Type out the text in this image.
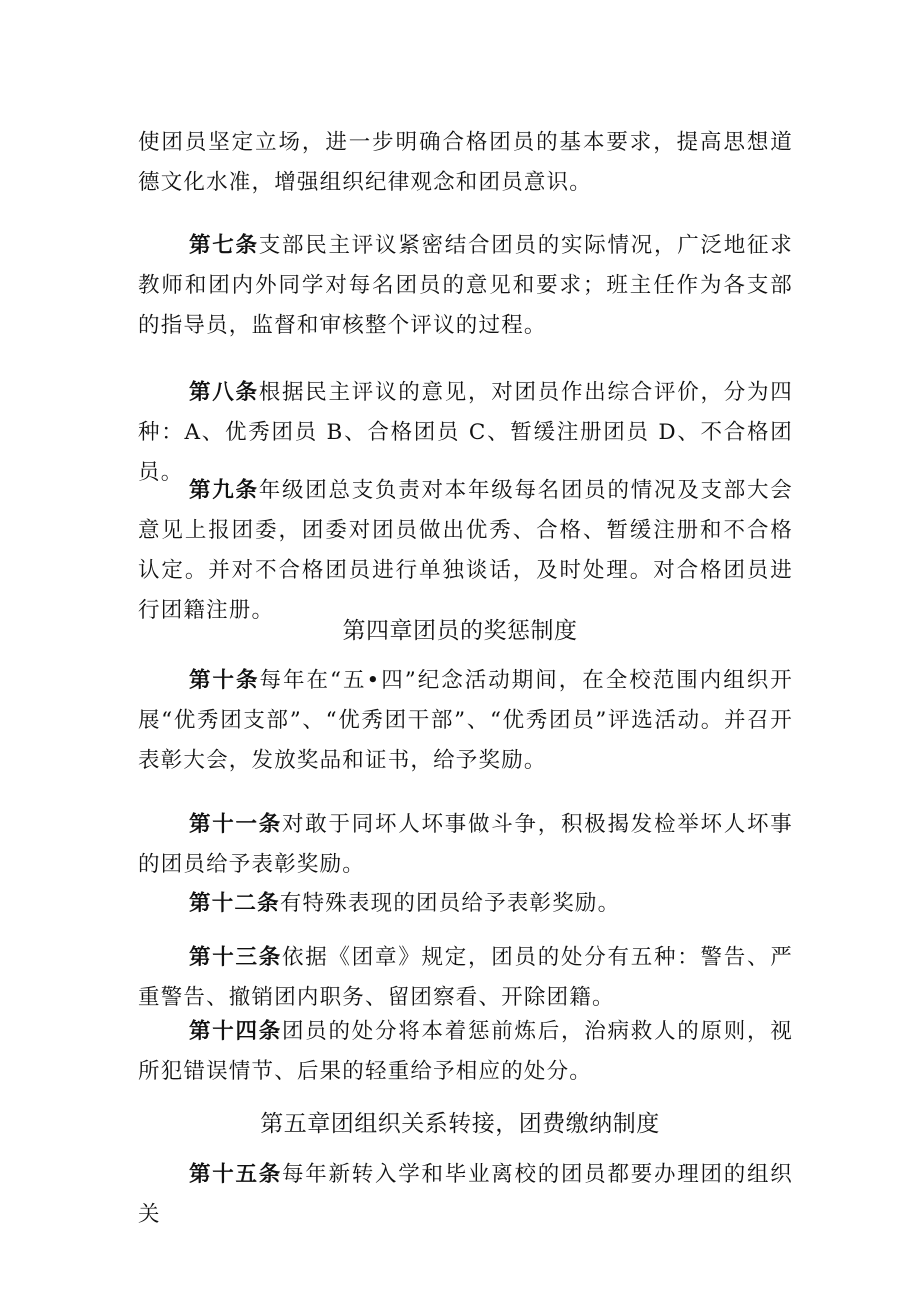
使团员坚定立场，进一步明确合格团员的基本要求，提高思想道德文化水准，增强组织纪律观念和团员意识。

第七条支部民主评议紧密结合团员的实际情况，广泛地征求教师和团内外同学对每名团员的意见和要求；班主任作为各支部的指导员，监督和审核整个评议的过程。

第八条根据民主评议的意见，对团员作出综合评价，分为四种：A、优秀团员 B、合格团员 C、暂缓注册团员 D、不合格团员。

第九条年级团总支负责对本年级每名团员的情况及支部大会意见上报团委，团委对团员做出优秀、合格、暂缓注册和不合格认定。并对不合格团员进行单独谈话，及时处理。对合格团员进行团籍注册。

第四章团员的奖惩制度

第十条每年在“五•四”纪念活动期间，在全校范围内组织开展“优秀团支部”、“优秀团干部”、“优秀团员”评选活动。并召开表彰大会，发放奖品和证书，给予奖励。

第十一条对敢于同坏人坏事做斗争，积极揭发检举坏人坏事的团员给予表彰奖励。

第十二条有特殊表现的团员给予表彰奖励。

第十三条依据《团章》规定，团员的处分有五种：警告、严重警告、撤销团内职务、留团察看、开除团籍。

第十四条团员的处分将本着惩前炼后，治病救人的原则，视所犯错误情节、后果的轻重给予相应的处分。

第五章团组织关系转接，团费缴纳制度

第十五条每年新转入学和毕业离校的团员都要办理团的组织关
